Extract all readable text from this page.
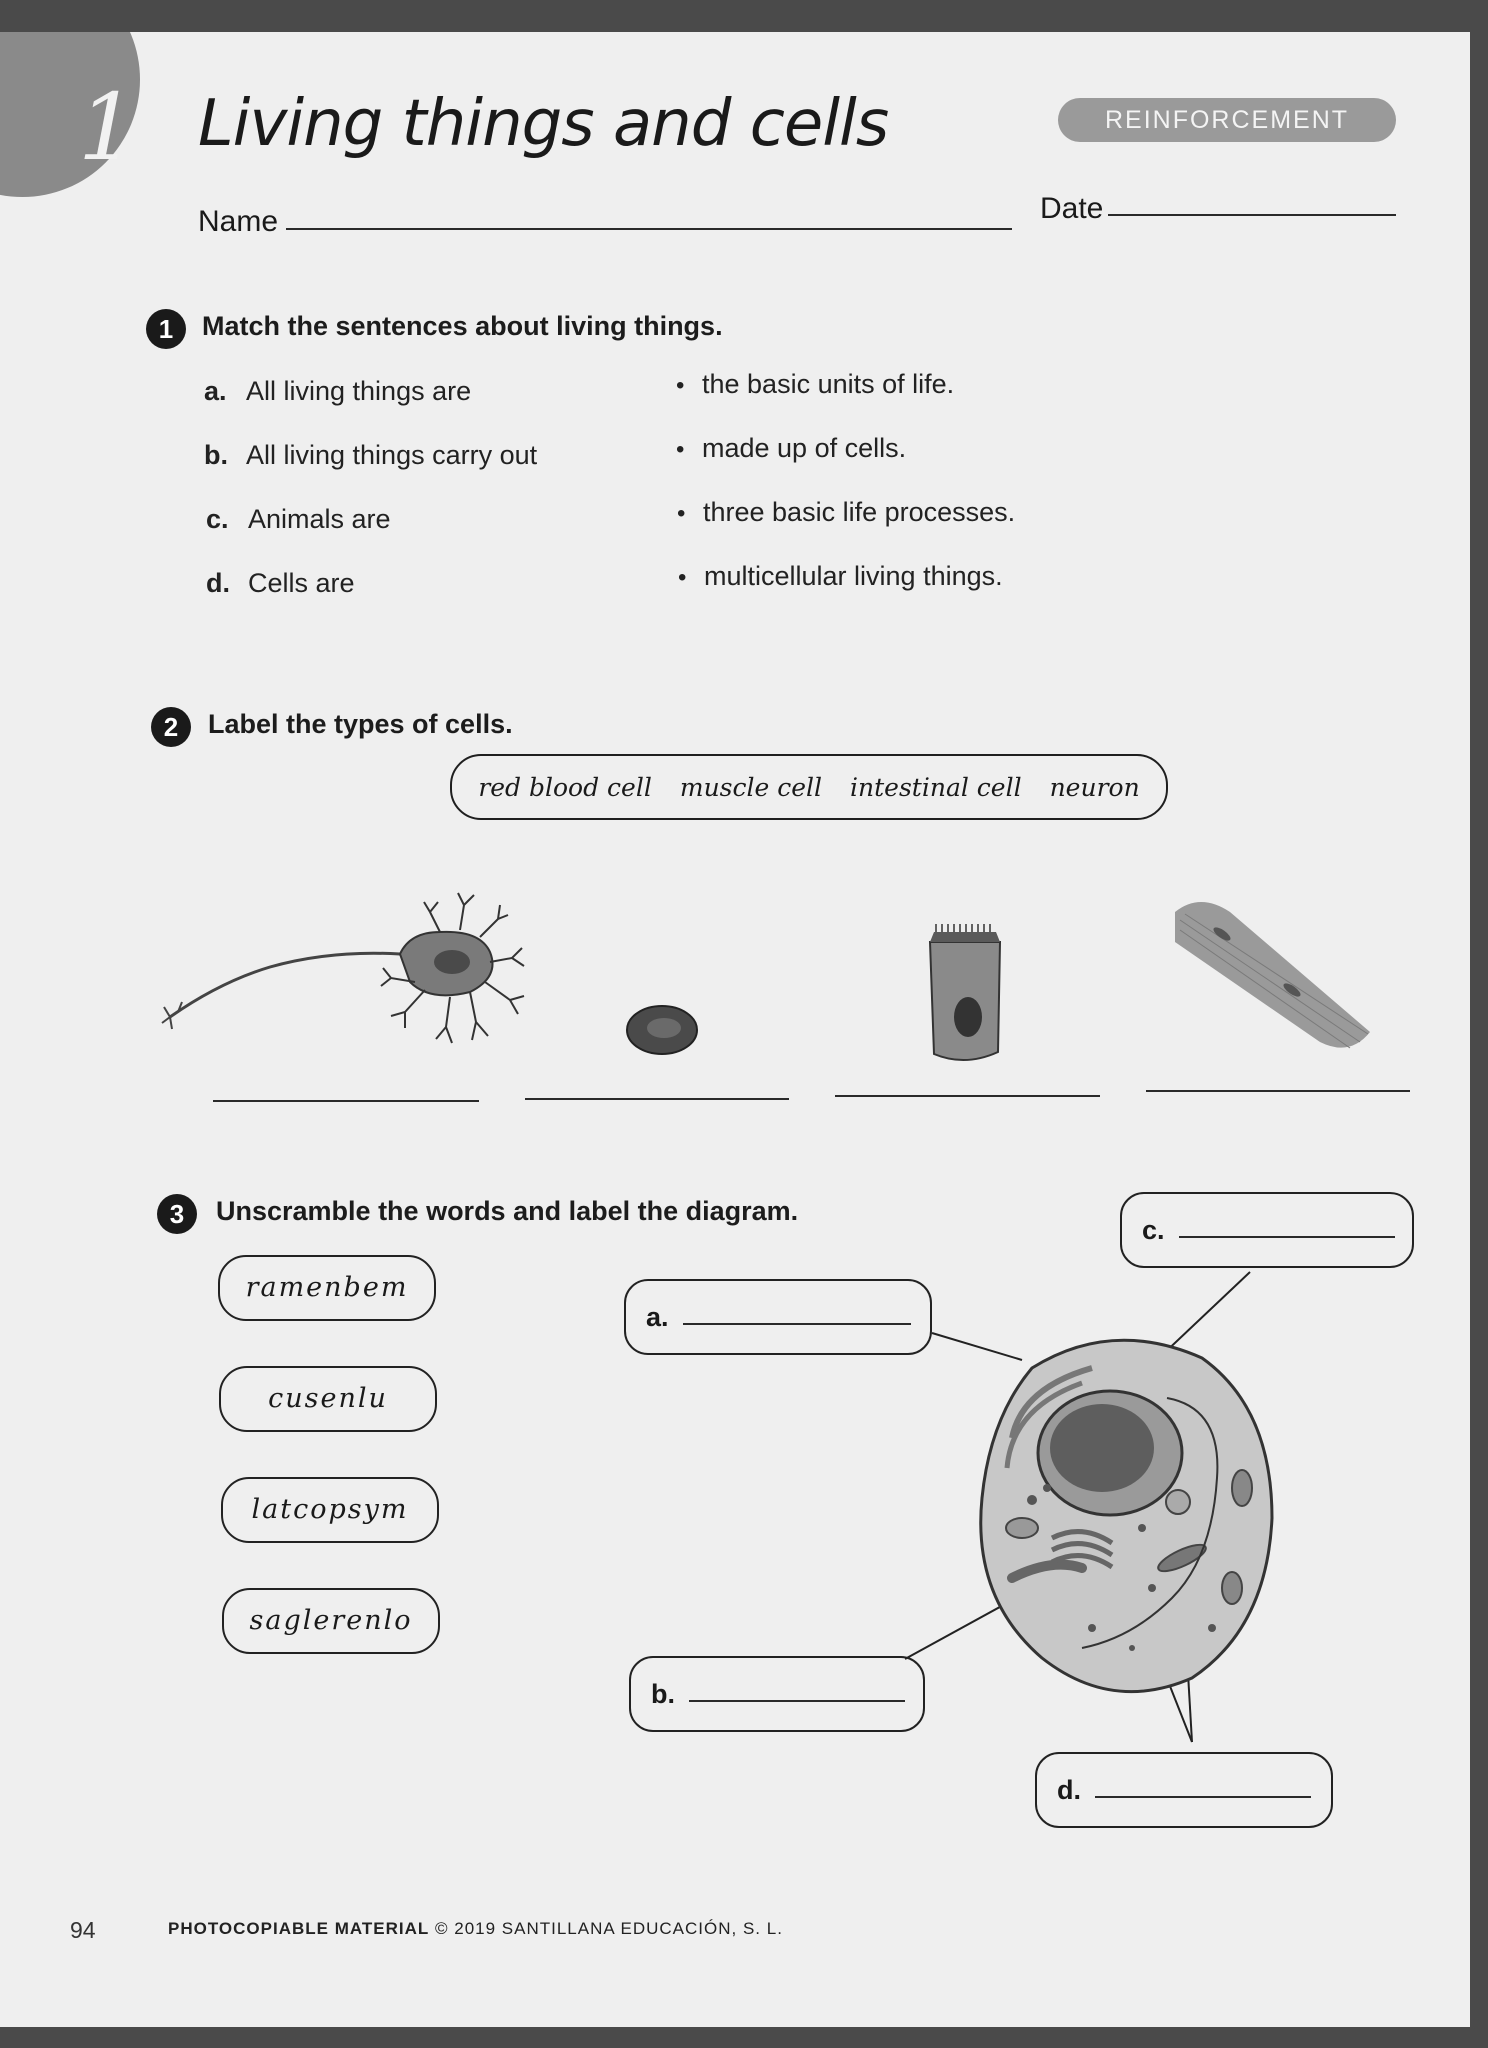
1 Living things and cells	REINFORCEMENT
Name	Date
1	Match the sentences about living things.
a. All living things are
b. All living things carry out
c. Animals are
d. Cells are
• the basic units of life.
• made up of cells.
• three basic life processes.
• multicellular living things.
2	Label the types of cells.
red blood cell muscle cell intestinal cell neuron
3	Unscramble the words and label the diagram.
ramenbem
cusenlu
latcopsym
saglerenlo
a.
b.
c.
d.
94	PHOTOCOPIABLE MATERIAL © 2019 SANTILLANA EDUCACIÓN, S. L.
